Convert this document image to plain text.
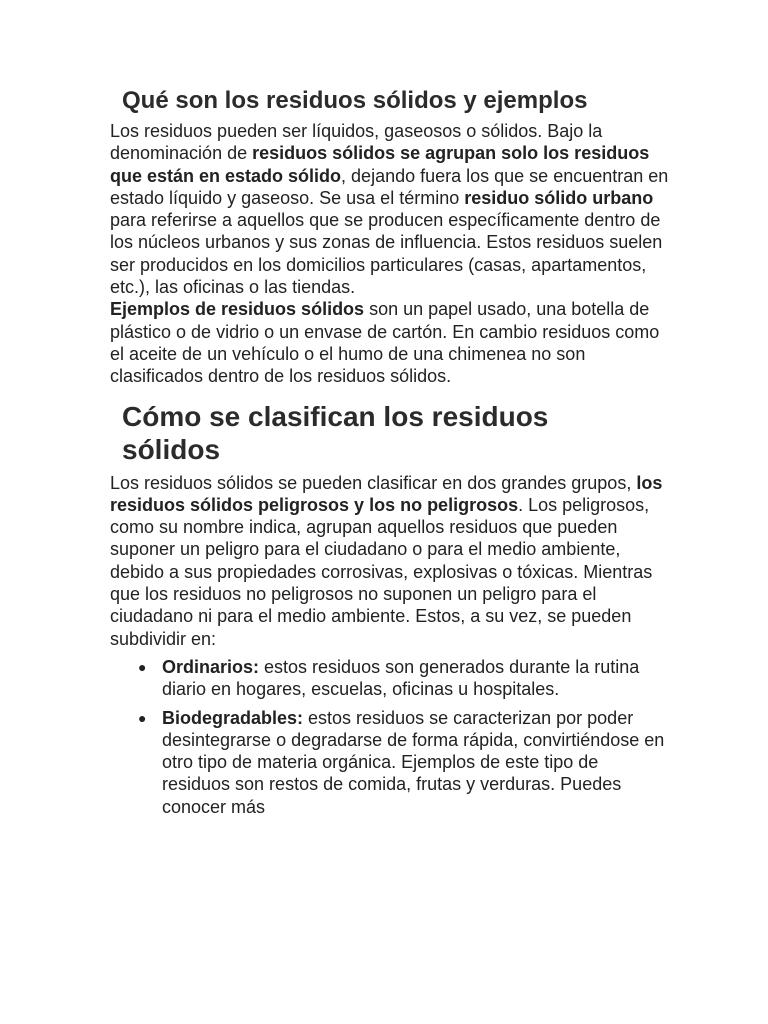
Qué son los residuos sólidos y ejemplos

Los residuos pueden ser líquidos, gaseosos o sólidos. Bajo la denominación de residuos sólidos se agrupan solo los residuos que están en estado sólido, dejando fuera los que se encuentran en estado líquido y gaseoso. Se usa el término residuo sólido urbano para referirse a aquellos que se producen específicamente dentro de los núcleos urbanos y sus zonas de influencia. Estos residuos suelen ser producidos en los domicilios particulares (casas, apartamentos, etc.), las oficinas o las tiendas.

Ejemplos de residuos sólidos son un papel usado, una botella de plástico o de vidrio o un envase de cartón. En cambio residuos como el aceite de un vehículo o el humo de una chimenea no son clasificados dentro de los residuos sólidos.

Cómo se clasifican los residuos sólidos

Los residuos sólidos se pueden clasificar en dos grandes grupos, los residuos sólidos peligrosos y los no peligrosos. Los peligrosos, como su nombre indica, agrupan aquellos residuos que pueden suponer un peligro para el ciudadano o para el medio ambiente, debido a sus propiedades corrosivas, explosivas o tóxicas. Mientras que los residuos no peligrosos no suponen un peligro para el ciudadano ni para el medio ambiente. Estos, a su vez, se pueden subdividir en:

● Ordinarios: estos residuos son generados durante la rutina diario en hogares, escuelas, oficinas u hospitales.
● Biodegradables: estos residuos se caracterizan por poder desintegrarse o degradarse de forma rápida, convirtiéndose en otro tipo de materia orgánica. Ejemplos de este tipo de residuos son restos de comida, frutas y verduras. Puedes conocer más
